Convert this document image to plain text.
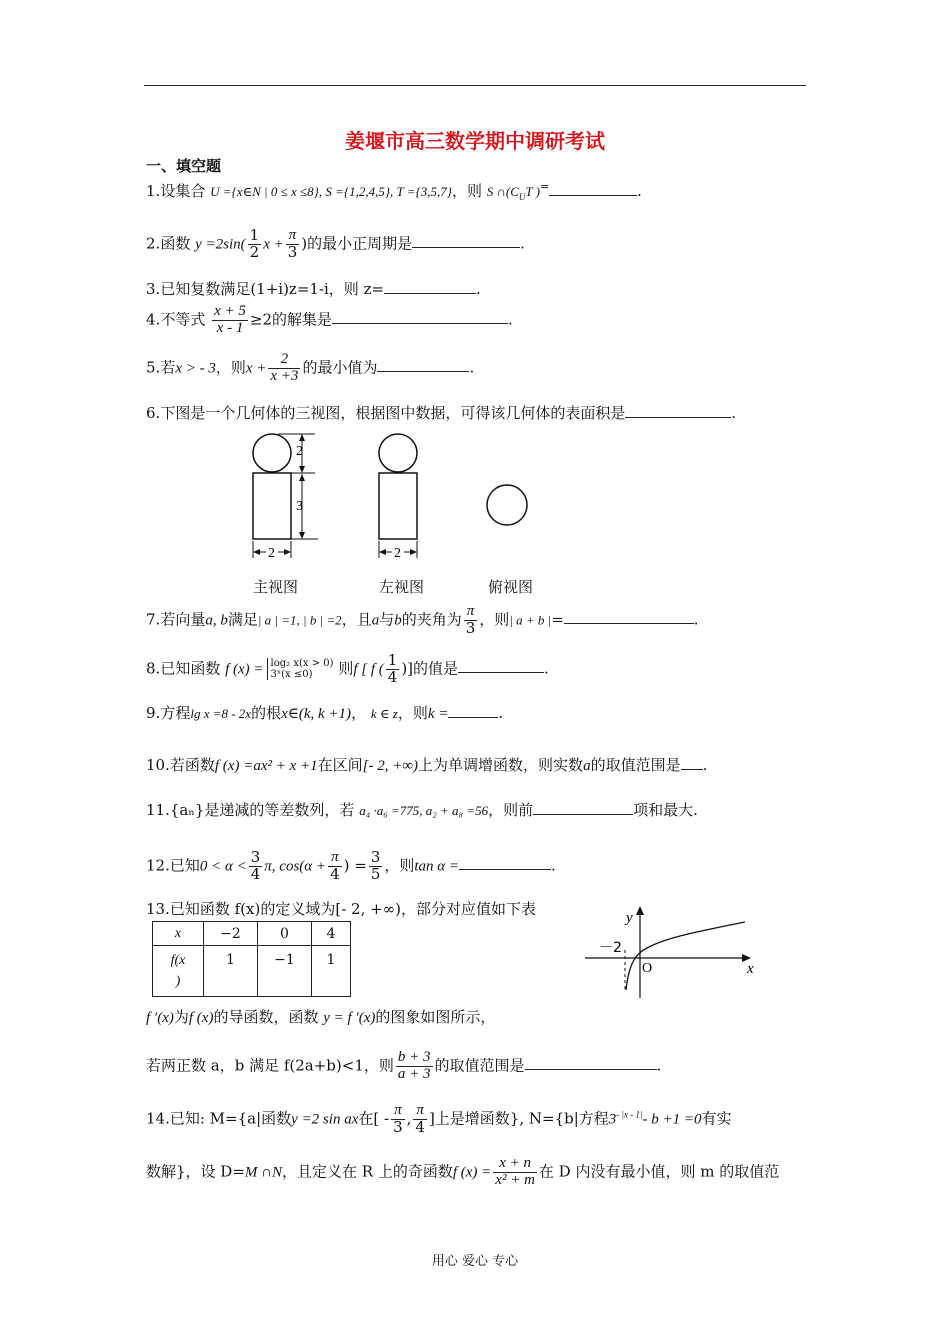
姜堰市高三数学期中调研考试
一、填空题
1.设集合 U ={x∈N | 0 ≤ x ≤8}, S ={1,2,4,5}, T ={3,5,7}，则 S $\cap(C_UT$ )=	.
2.函数 $y =2\sin( \frac{1}{2}$ $x + \frac{\pi}{3}$ )的最小正周期是	.
3.已知复数满足(1+i)z=1-i，则 z=	.
4.不等式 $\frac{x + 5}{x - 1} \ge 2$的解集是	.
5.若x > - 3，则$x + \frac{2}{x +3}$ 的最小值为	.
6.下图是一个几何体的三视图，根据图中数据，可得该几何体的表面积是	.
2
3
2	2
主视图	左视图	俯视图
7.若向量a, b满足| a | =1, | b | =2，且a与b的夹角为 $\frac{\pi}{3}$ ，则| a + b |=	.
8.已知函数 f (x) = log₂ x(x > 0)
3ˣ(x ≤0)	则f [ f ( $\frac{1}{4}$ )]的值是	.
9.方程lg x =8 - 2x的根x∈(k, k +1)， k ∈ z，则k =	.
10.若函数f (x) =ax² + x +1在区间[- 2, +∞)上为单调增函数，则实数a的取值范围是 .
11.{aₙ}是递减的等差数列，若 a₄ ·a₆ =775, a₂ + a₈ =56，则前	项和最大.
12.已知$0 < \alpha < \frac{3}{4} \pi$, $\cos(\alpha + \frac{\pi}{4}$ ) = $\frac{3}{5}$ ，则tan α =	.
13.已知函数 f(x)的定义域为[- 2, +∞)，部分对应值如下表
x	−2	0	4
f(x
)	1	−1	1
y
x
O
－2
f ′(x)为f (x)的导函数，函数 y = f ′(x)的图象如图所示，
若两正数 a，b 满足 f(2a+b)<1，则 $\frac{b + 3}{a + 3}$ 的取值范围是	.
14.已知: M={a|函数y =2 sin ax在[ - $\frac{\pi}{3}$ , $\frac{\pi}{4}$ ]上是增函数}, N={b|方程$3^{- |x - 1|}-$ b +1 =0有实
数解}，设 D=M ∩N，且定义在 R 上的奇函数f $(x) = \frac{x + n}{\text{x² + m}}$ 在 D 内没有最小值，则 m 的取值范
用心 爱心 专心
